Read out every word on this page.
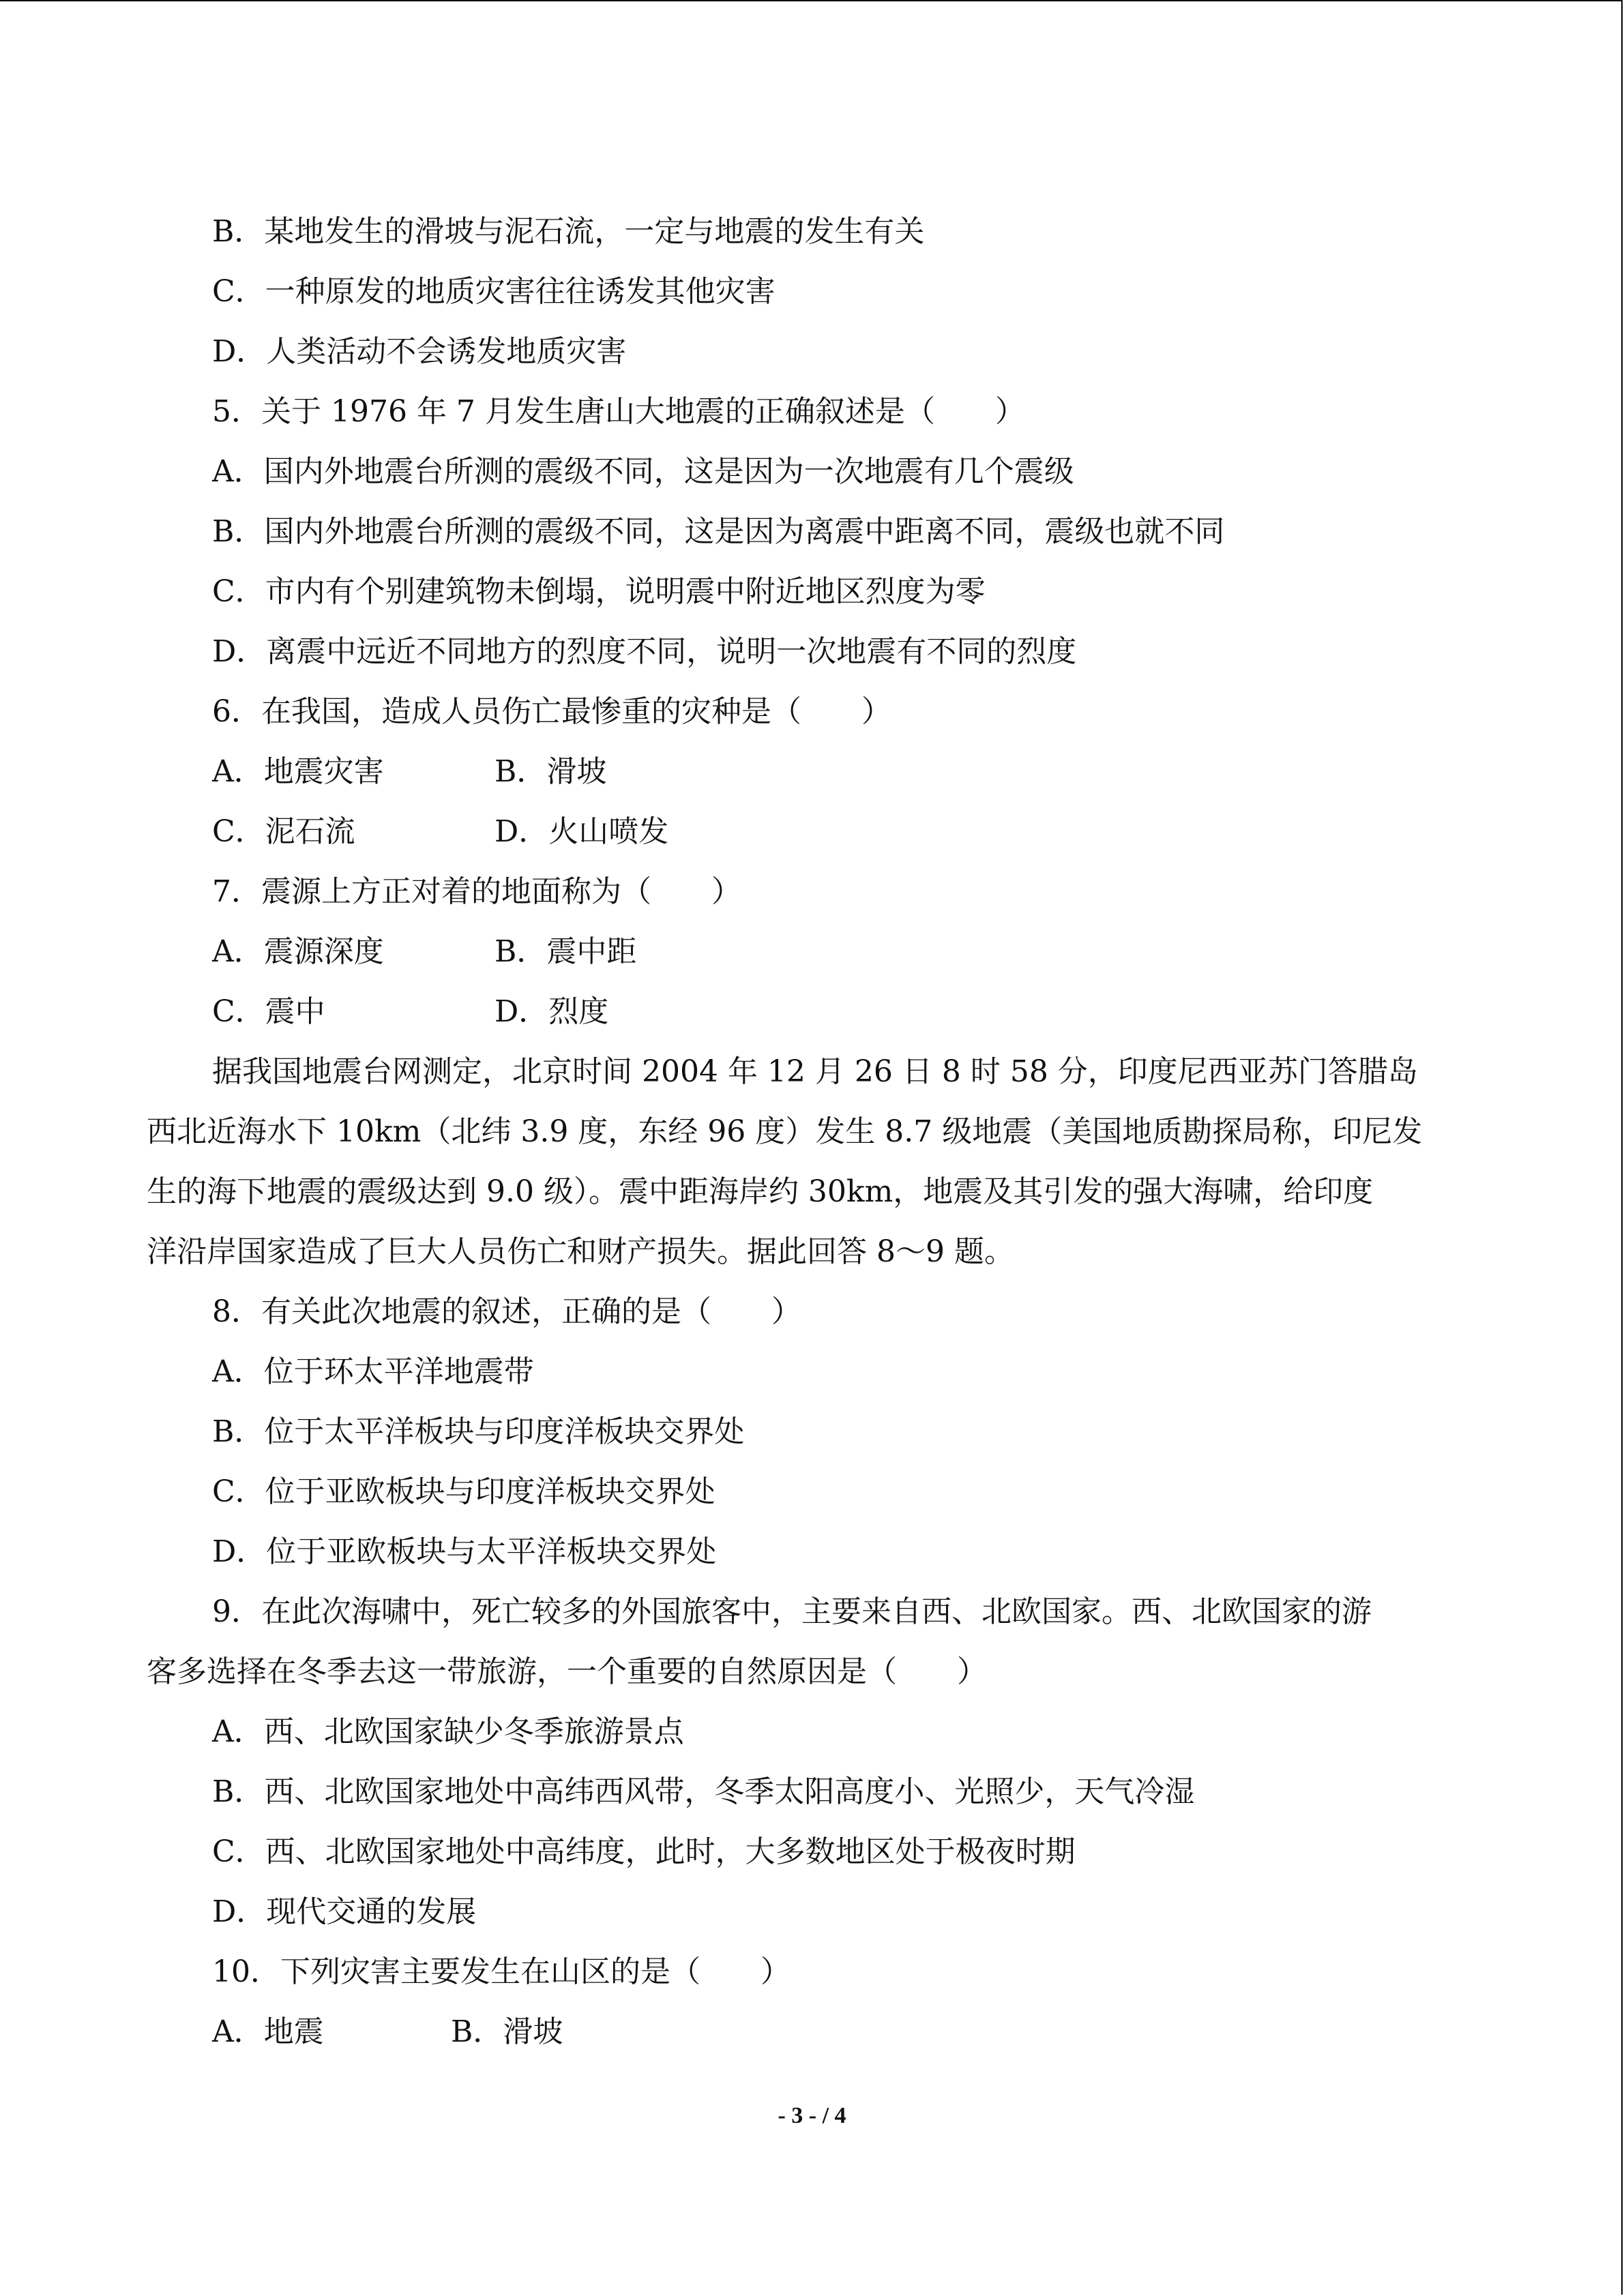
B．某地发生的滑坡与泥石流，一定与地震的发生有关
C．一种原发的地质灾害往往诱发其他灾害
D．人类活动不会诱发地质灾害
5．关于 1976 年 7 月发生唐山大地震的正确叙述是（　　）
A．国内外地震台所测的震级不同，这是因为一次地震有几个震级
B．国内外地震台所测的震级不同，这是因为离震中距离不同，震级也就不同
C．市内有个别建筑物未倒塌，说明震中附近地区烈度为零
D．离震中远近不同地方的烈度不同，说明一次地震有不同的烈度
6．在我国，造成人员伤亡最惨重的灾种是（　　）
A．地震灾害	B．滑坡
C．泥石流	D．火山喷发
7．震源上方正对着的地面称为（　　）
A．震源深度	B．震中距
C．震中	D．烈度
据我国地震台网测定，北京时间 2004 年 12 月 26 日 8 时 58 分，印度尼西亚苏门答腊岛
西北近海水下 10km（北纬 3.9 度，东经 96 度）发生 8.7 级地震（美国地质勘探局称，印尼发
生的海下地震的震级达到 9.0 级）。震中距海岸约 30km，地震及其引发的强大海啸，给印度
洋沿岸国家造成了巨大人员伤亡和财产损失。据此回答 8～9 题。
8．有关此次地震的叙述，正确的是（　　）
A．位于环太平洋地震带
B．位于太平洋板块与印度洋板块交界处
C．位于亚欧板块与印度洋板块交界处
D．位于亚欧板块与太平洋板块交界处
9．在此次海啸中，死亡较多的外国旅客中，主要来自西、北欧国家。西、北欧国家的游
客多选择在冬季去这一带旅游，一个重要的自然原因是（　　）
A．西、北欧国家缺少冬季旅游景点
B．西、北欧国家地处中高纬西风带，冬季太阳高度小、光照少，天气冷湿
C．西、北欧国家地处中高纬度，此时，大多数地区处于极夜时期
D．现代交通的发展
10．下列灾害主要发生在山区的是（　　）
A．地震	B．滑坡
- 3 - / 4
